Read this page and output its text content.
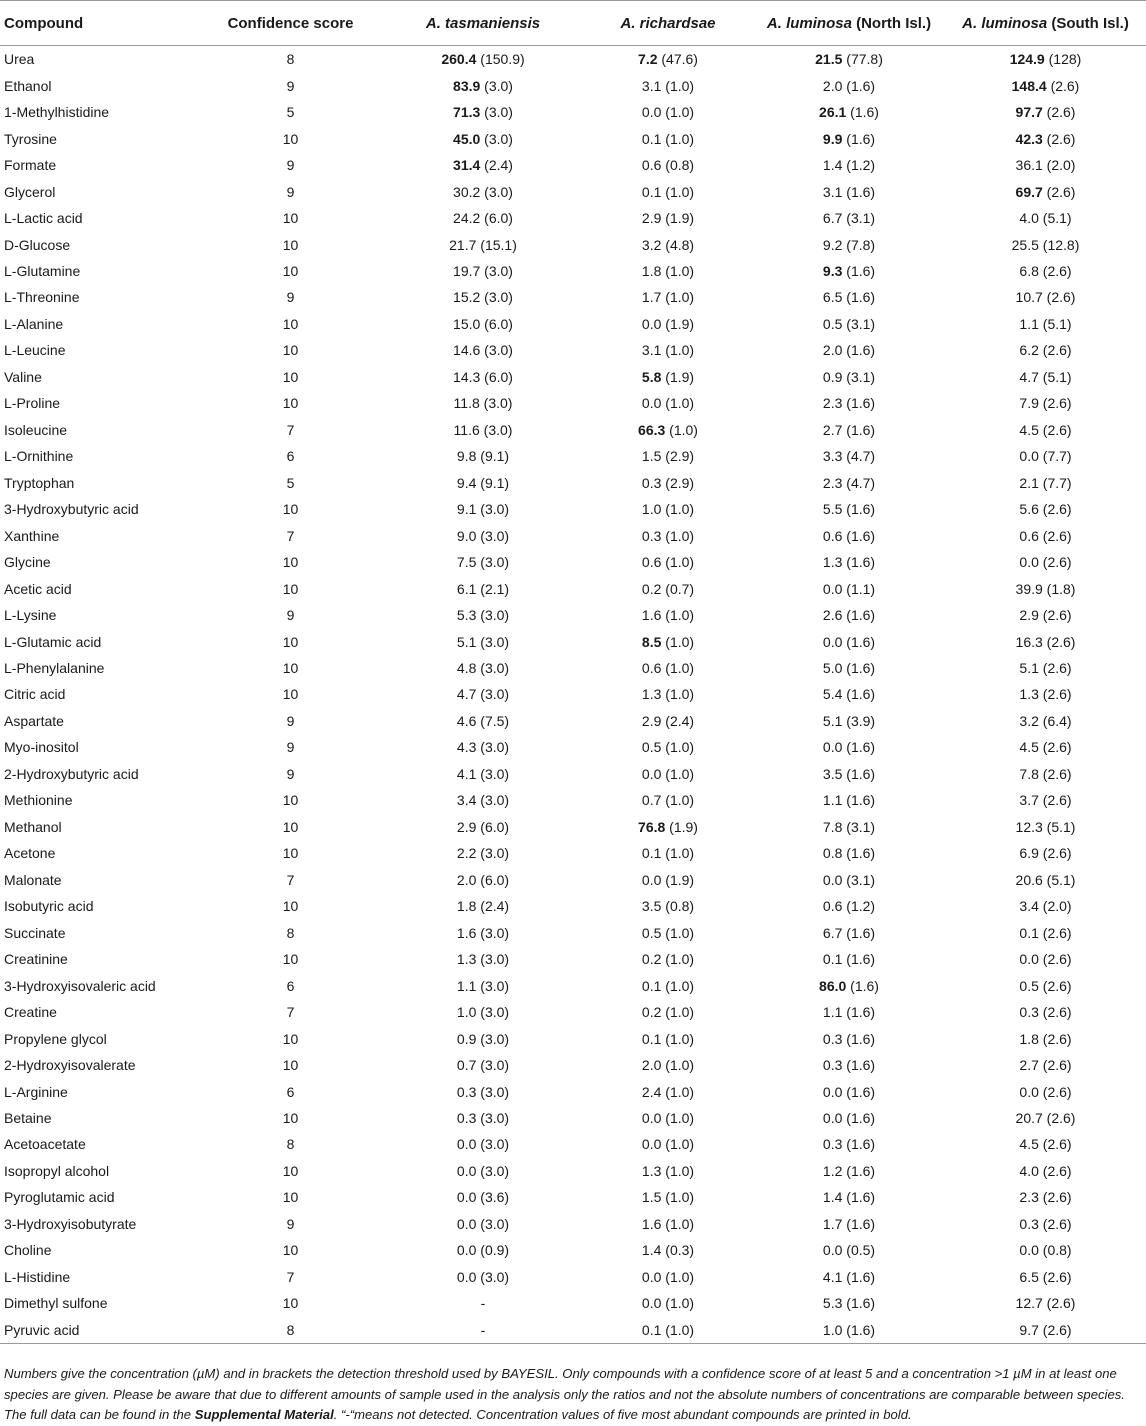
Compound	Confidence score	A. tasmaniensis	A. richardsae	A. luminosa (North Isl.)	A. luminosa (South Isl.)
Urea	8	260.4 (150.9)	7.2 (47.6)	21.5 (77.8)	124.9 (128)
Ethanol	9	83.9 (3.0)	3.1 (1.0)	2.0 (1.6)	148.4 (2.6)
1-Methylhistidine	5	71.3 (3.0)	0.0 (1.0)	26.1 (1.6)	97.7 (2.6)
Tyrosine	10	45.0 (3.0)	0.1 (1.0)	9.9 (1.6)	42.3 (2.6)
Formate	9	31.4 (2.4)	0.6 (0.8)	1.4 (1.2)	36.1 (2.0)
Glycerol	9	30.2 (3.0)	0.1 (1.0)	3.1 (1.6)	69.7 (2.6)
L-Lactic acid	10	24.2 (6.0)	2.9 (1.9)	6.7 (3.1)	4.0 (5.1)
D-Glucose	10	21.7 (15.1)	3.2 (4.8)	9.2 (7.8)	25.5 (12.8)
L-Glutamine	10	19.7 (3.0)	1.8 (1.0)	9.3 (1.6)	6.8 (2.6)
L-Threonine	9	15.2 (3.0)	1.7 (1.0)	6.5 (1.6)	10.7 (2.6)
L-Alanine	10	15.0 (6.0)	0.0 (1.9)	0.5 (3.1)	1.1 (5.1)
L-Leucine	10	14.6 (3.0)	3.1 (1.0)	2.0 (1.6)	6.2 (2.6)
Valine	10	14.3 (6.0)	5.8 (1.9)	0.9 (3.1)	4.7 (5.1)
L-Proline	10	11.8 (3.0)	0.0 (1.0)	2.3 (1.6)	7.9 (2.6)
Isoleucine	7	11.6 (3.0)	66.3 (1.0)	2.7 (1.6)	4.5 (2.6)
L-Ornithine	6	9.8 (9.1)	1.5 (2.9)	3.3 (4.7)	0.0 (7.7)
Tryptophan	5	9.4 (9.1)	0.3 (2.9)	2.3 (4.7)	2.1 (7.7)
3-Hydroxybutyric acid	10	9.1 (3.0)	1.0 (1.0)	5.5 (1.6)	5.6 (2.6)
Xanthine	7	9.0 (3.0)	0.3 (1.0)	0.6 (1.6)	0.6 (2.6)
Glycine	10	7.5 (3.0)	0.6 (1.0)	1.3 (1.6)	0.0 (2.6)
Acetic acid	10	6.1 (2.1)	0.2 (0.7)	0.0 (1.1)	39.9 (1.8)
L-Lysine	9	5.3 (3.0)	1.6 (1.0)	2.6 (1.6)	2.9 (2.6)
L-Glutamic acid	10	5.1 (3.0)	8.5 (1.0)	0.0 (1.6)	16.3 (2.6)
L-Phenylalanine	10	4.8 (3.0)	0.6 (1.0)	5.0 (1.6)	5.1 (2.6)
Citric acid	10	4.7 (3.0)	1.3 (1.0)	5.4 (1.6)	1.3 (2.6)
Aspartate	9	4.6 (7.5)	2.9 (2.4)	5.1 (3.9)	3.2 (6.4)
Myo-inositol	9	4.3 (3.0)	0.5 (1.0)	0.0 (1.6)	4.5 (2.6)
2-Hydroxybutyric acid	9	4.1 (3.0)	0.0 (1.0)	3.5 (1.6)	7.8 (2.6)
Methionine	10	3.4 (3.0)	0.7 (1.0)	1.1 (1.6)	3.7 (2.6)
Methanol	10	2.9 (6.0)	76.8 (1.9)	7.8 (3.1)	12.3 (5.1)
Acetone	10	2.2 (3.0)	0.1 (1.0)	0.8 (1.6)	6.9 (2.6)
Malonate	7	2.0 (6.0)	0.0 (1.9)	0.0 (3.1)	20.6 (5.1)
Isobutyric acid	10	1.8 (2.4)	3.5 (0.8)	0.6 (1.2)	3.4 (2.0)
Succinate	8	1.6 (3.0)	0.5 (1.0)	6.7 (1.6)	0.1 (2.6)
Creatinine	10	1.3 (3.0)	0.2 (1.0)	0.1 (1.6)	0.0 (2.6)
3-Hydroxyisovaleric acid	6	1.1 (3.0)	0.1 (1.0)	86.0 (1.6)	0.5 (2.6)
Creatine	7	1.0 (3.0)	0.2 (1.0)	1.1 (1.6)	0.3 (2.6)
Propylene glycol	10	0.9 (3.0)	0.1 (1.0)	0.3 (1.6)	1.8 (2.6)
2-Hydroxyisovalerate	10	0.7 (3.0)	2.0 (1.0)	0.3 (1.6)	2.7 (2.6)
L-Arginine	6	0.3 (3.0)	2.4 (1.0)	0.0 (1.6)	0.0 (2.6)
Betaine	10	0.3 (3.0)	0.0 (1.0)	0.0 (1.6)	20.7 (2.6)
Acetoacetate	8	0.0 (3.0)	0.0 (1.0)	0.3 (1.6)	4.5 (2.6)
Isopropyl alcohol	10	0.0 (3.0)	1.3 (1.0)	1.2 (1.6)	4.0 (2.6)
Pyroglutamic acid	10	0.0 (3.6)	1.5 (1.0)	1.4 (1.6)	2.3 (2.6)
3-Hydroxyisobutyrate	9	0.0 (3.0)	1.6 (1.0)	1.7 (1.6)	0.3 (2.6)
Choline	10	0.0 (0.9)	1.4 (0.3)	0.0 (0.5)	0.0 (0.8)
L-Histidine	7	0.0 (3.0)	0.0 (1.0)	4.1 (1.6)	6.5 (2.6)
Dimethyl sulfone	10	-	0.0 (1.0)	5.3 (1.6)	12.7 (2.6)
Pyruvic acid	8	-	0.1 (1.0)	1.0 (1.6)	9.7 (2.6)
Numbers give the concentration (µM) and in brackets the detection threshold used by BAYESIL. Only compounds with a confidence score of at least 5 and a concentration >1 µM in at least one species are given. Please be aware that due to different amounts of sample used in the analysis only the ratios and not the absolute numbers of concentrations are comparable between species. The full data can be found in the Supplemental Material. “-“means not detected. Concentration values of five most abundant compounds are printed in bold.
